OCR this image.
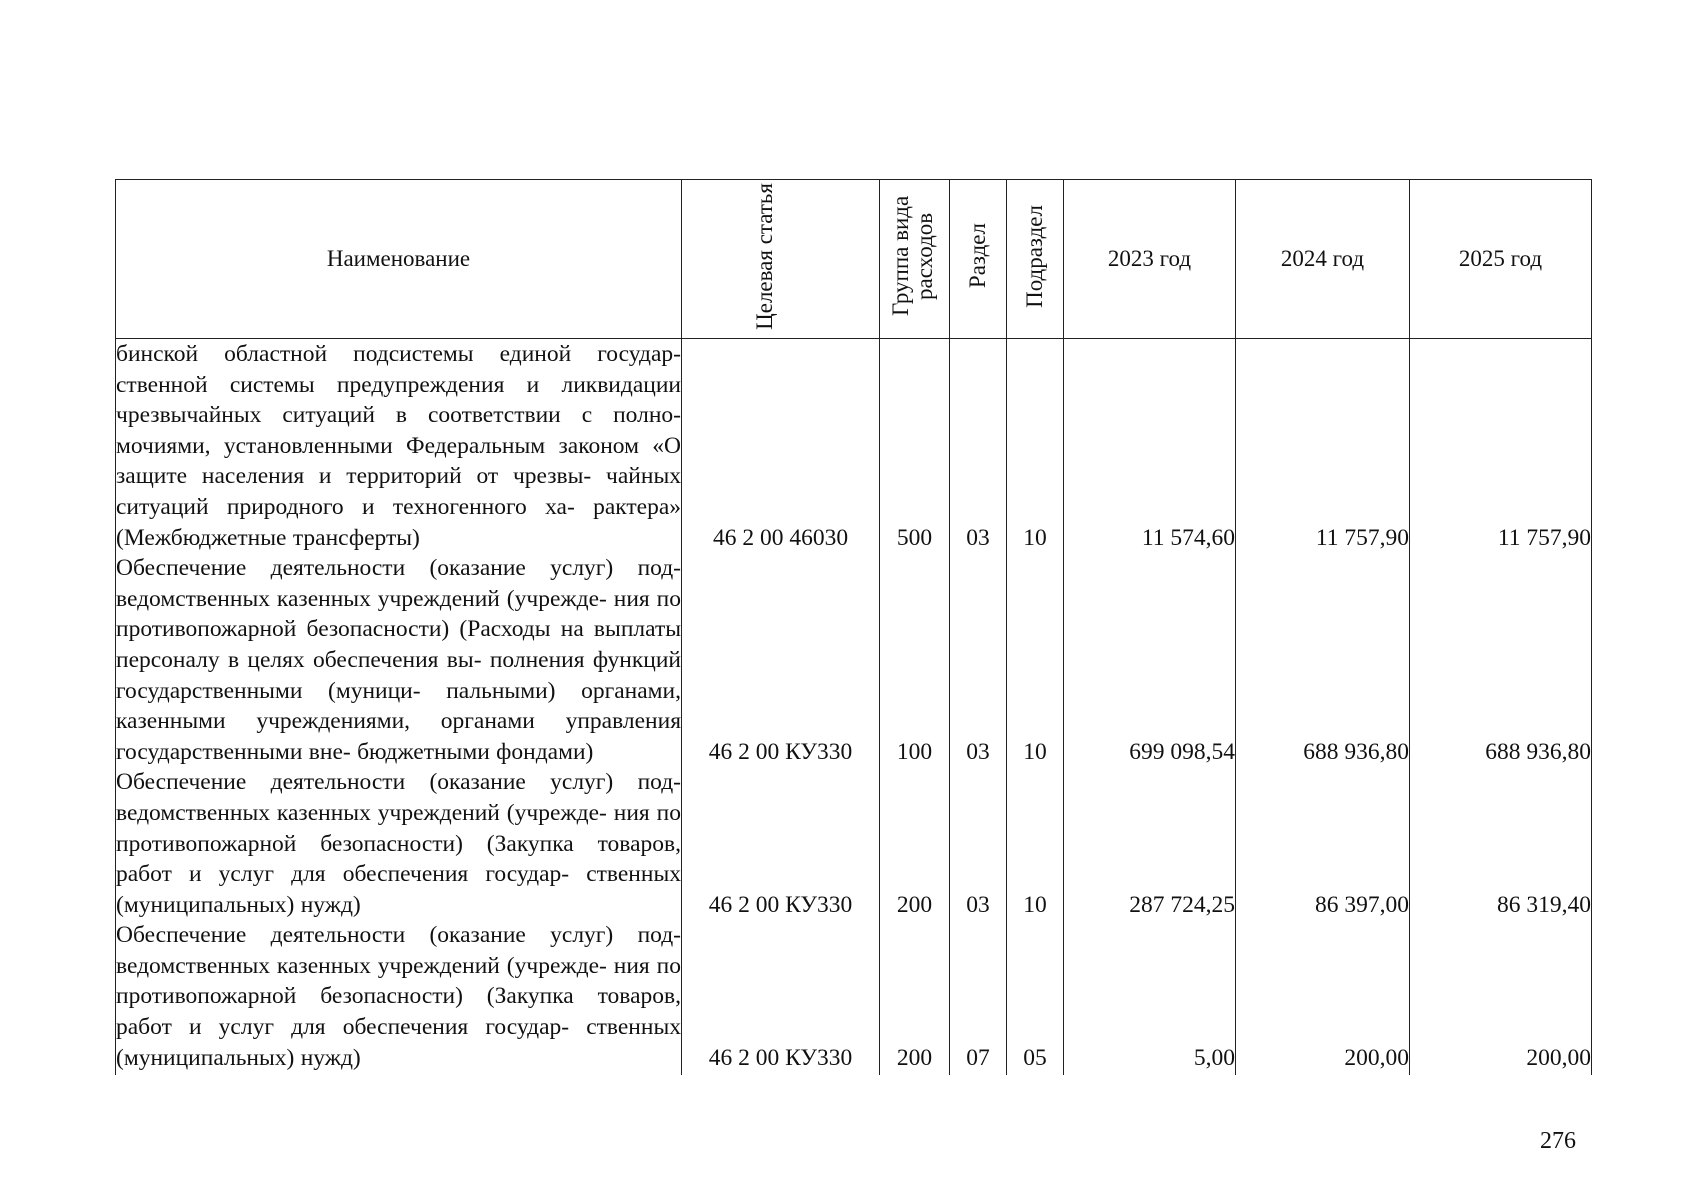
Наименование	Целевая статья	Группа вида расходов	Раздел	Подраздел	2023 год	2024 год	2025 год
бинской областной подсистемы единой государ- ственной системы предупреждения и ликвидации чрезвычайных ситуаций в соответствии с полно- мочиями, установленными Федеральным законом «О защите населения и территорий от чрезвы- чайных ситуаций природного и техногенного ха- рактера» (Межбюджетные трансферты)	46 2 00 46030	500	03	10	11 574,60	11 757,90	11 757,90
Обеспечение деятельности (оказание услуг) под- ведомственных казенных учреждений (учрежде- ния по противопожарной безопасности) (Расходы на выплаты персоналу в целях обеспечения вы- полнения функций государственными (муници- пальными) органами, казенными учреждениями, органами управления государственными вне- бюджетными фондами)	46 2 00 КУ330	100	03	10	699 098,54	688 936,80	688 936,80
Обеспечение деятельности (оказание услуг) под- ведомственных казенных учреждений (учрежде- ния по противопожарной безопасности) (Закупка товаров, работ и услуг для обеспечения государ- ственных (муниципальных) нужд)	46 2 00 КУ330	200	03	10	287 724,25	86 397,00	86 319,40
Обеспечение деятельности (оказание услуг) под- ведомственных казенных учреждений (учрежде- ния по противопожарной безопасности) (Закупка товаров, работ и услуг для обеспечения государ- ственных (муниципальных) нужд)	46 2 00 КУ330	200	07	05	5,00	200,00	200,00
276
